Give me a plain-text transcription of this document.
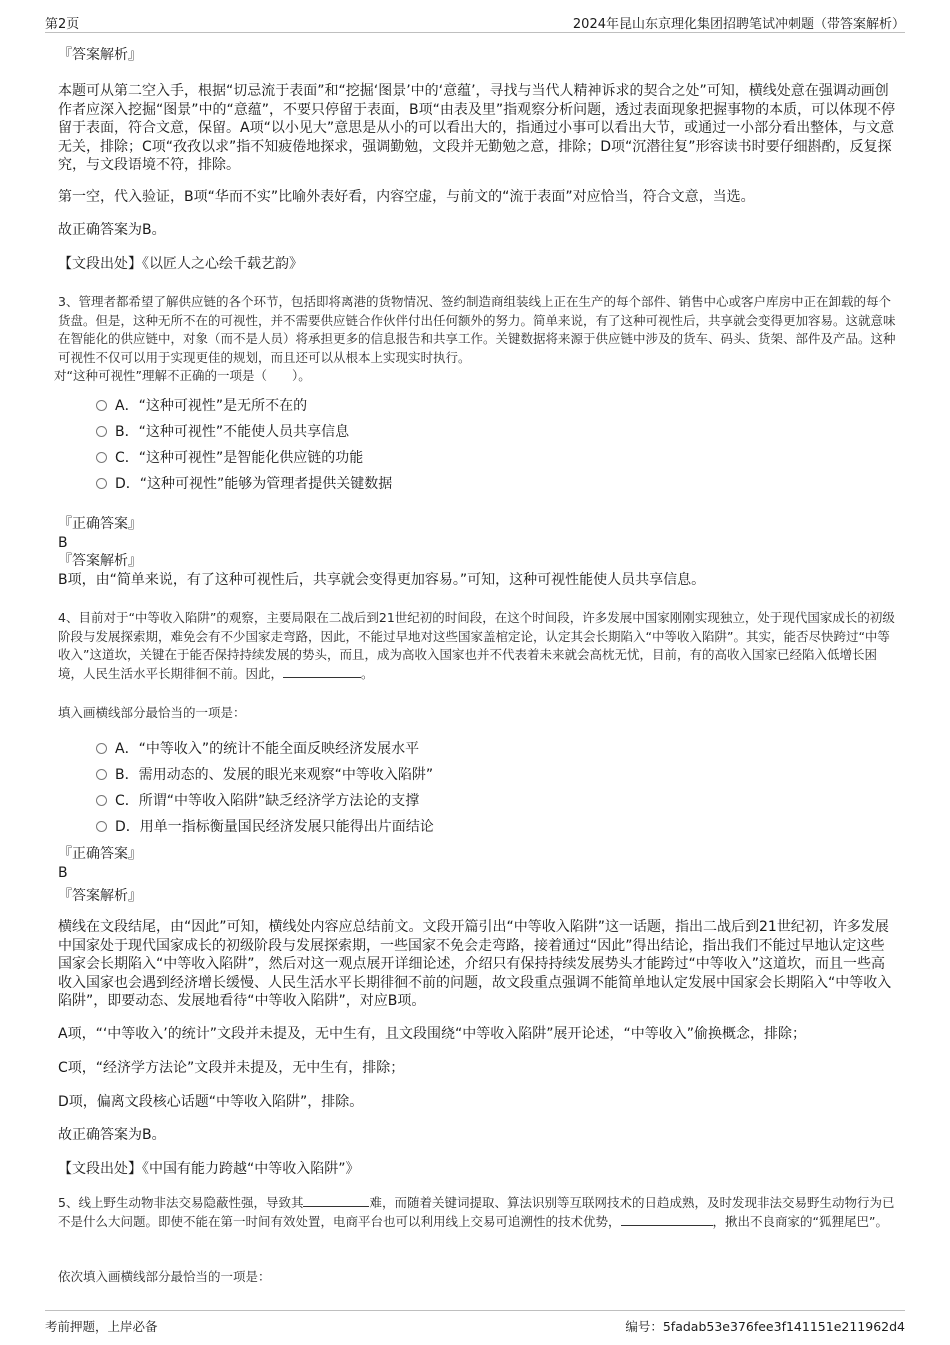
第2页	2024年昆山东京理化集团招聘笔试冲刺题（带答案解析）

『答案解析』

本题可从第二空入手，根据“切忌流于表面”和“挖掘‘图景’中的‘意蕴’，寻找与当代人精神诉求的契合之处”可知，横线处意在强调动画创作者应深入挖掘“图景”中的“意蕴”，不要只停留于表面，B项“由表及里”指观察分析问题，透过表面现象把握事物的本质，可以体现不停留于表面，符合文意，保留。A项“以小见大”意思是从小的可以看出大的，指通过小事可以看出大节，或通过一小部分看出整体，与文意无关，排除；C项“孜孜以求”指不知疲倦地探求，强调勤勉，文段并无勤勉之意，排除；D项“沉潜往复”形容读书时要仔细斟酌，反复探究，与文段语境不符，排除。

第一空，代入验证，B项“华而不实”比喻外表好看，内容空虚，与前文的“流于表面”对应恰当，符合文意，当选。

故正确答案为B。

【文段出处】《以匠人之心绘千载艺韵》

3、管理者都希望了解供应链的各个环节，包括即将离港的货物情况、签约制造商组装线上正在生产的每个部件、销售中心或客户库房中正在卸载的每个货盘。但是，这种无所不在的可视性，并不需要供应链合作伙伴付出任何额外的努力。简单来说，有了这种可视性后，共享就会变得更加容易。这就意味在智能化的供应链中，对象（而不是人员）将承担更多的信息报告和共享工作。关键数据将来源于供应链中涉及的货车、码头、货架、部件及产品。这种可视性不仅可以用于实现更佳的规划，而且还可以从根本上实现实时执行。

对“这种可视性”理解不正确的一项是（　　）。

A．“这种可视性”是无所不在的
B．“这种可视性”不能使人员共享信息
C．“这种可视性”是智能化供应链的功能
D．“这种可视性”能够为管理者提供关键数据

『正确答案』

B

『答案解析』

B项，由“简单来说，有了这种可视性后，共享就会变得更加容易。”可知，这种可视性能使人员共享信息。

4、目前对于“中等收入陷阱”的观察，主要局限在二战后到21世纪初的时间段，在这个时间段，许多发展中国家刚刚实现独立，处于现代国家成长的初级阶段与发展探索期，难免会有不少国家走弯路，因此，不能过早地对这些国家盖棺定论，认定其会长期陷入“中等收入陷阱”。其实，能否尽快跨过“中等收入”这道坎，关键在于能否保持持续发展的势头，而且，成为高收入国家也并不代表着未来就会高枕无忧，目前，有的高收入国家已经陷入低增长困境，人民生活水平长期徘徊不前。因此，	。

填入画横线部分最恰当的一项是：

A．“中等收入”的统计不能全面反映经济发展水平
B．需用动态的、发展的眼光来观察“中等收入陷阱”
C．所谓“中等收入陷阱”缺乏经济学方法论的支撑
D．用单一指标衡量国民经济发展只能得出片面结论

『正确答案』

B

『答案解析』

横线在文段结尾，由“因此”可知，横线处内容应总结前文。文段开篇引出“中等收入陷阱”这一话题，指出二战后到21世纪初，许多发展中国家处于现代国家成长的初级阶段与发展探索期，一些国家不免会走弯路，接着通过“因此”得出结论，指出我们不能过早地认定这些国家会长期陷入“中等收入陷阱”，然后对这一观点展开详细论述，介绍只有保持持续发展势头才能跨过“中等收入”这道坎，而且一些高收入国家也会遇到经济增长缓慢、人民生活水平长期徘徊不前的问题，故文段重点强调不能简单地认定发展中国家会长期陷入“中等收入陷阱”，即要动态、发展地看待“中等收入陷阱”，对应B项。

A项，“‘中等收入’的统计”文段并未提及，无中生有，且文段围绕“中等收入陷阱”展开论述，“中等收入”偷换概念，排除；

C项，“经济学方法论”文段并未提及，无中生有，排除；

D项，偏离文段核心话题“中等收入陷阱”，排除。

故正确答案为B。

【文段出处】《中国有能力跨越“中等收入陷阱”》

5、线上野生动物非法交易隐蔽性强，导致其	难，而随着关键词提取、算法识别等互联网技术的日趋成熟，及时发现非法交易野生动物行为已不是什么大问题。即使不能在第一时间有效处置，电商平台也可以利用线上交易可追溯性的技术优势，	，揪出不良商家的“狐狸尾巴”。

依次填入画横线部分最恰当的一项是：

考前押题，上岸必备	编号：5fadab53e376fee3f141151e211962d4
